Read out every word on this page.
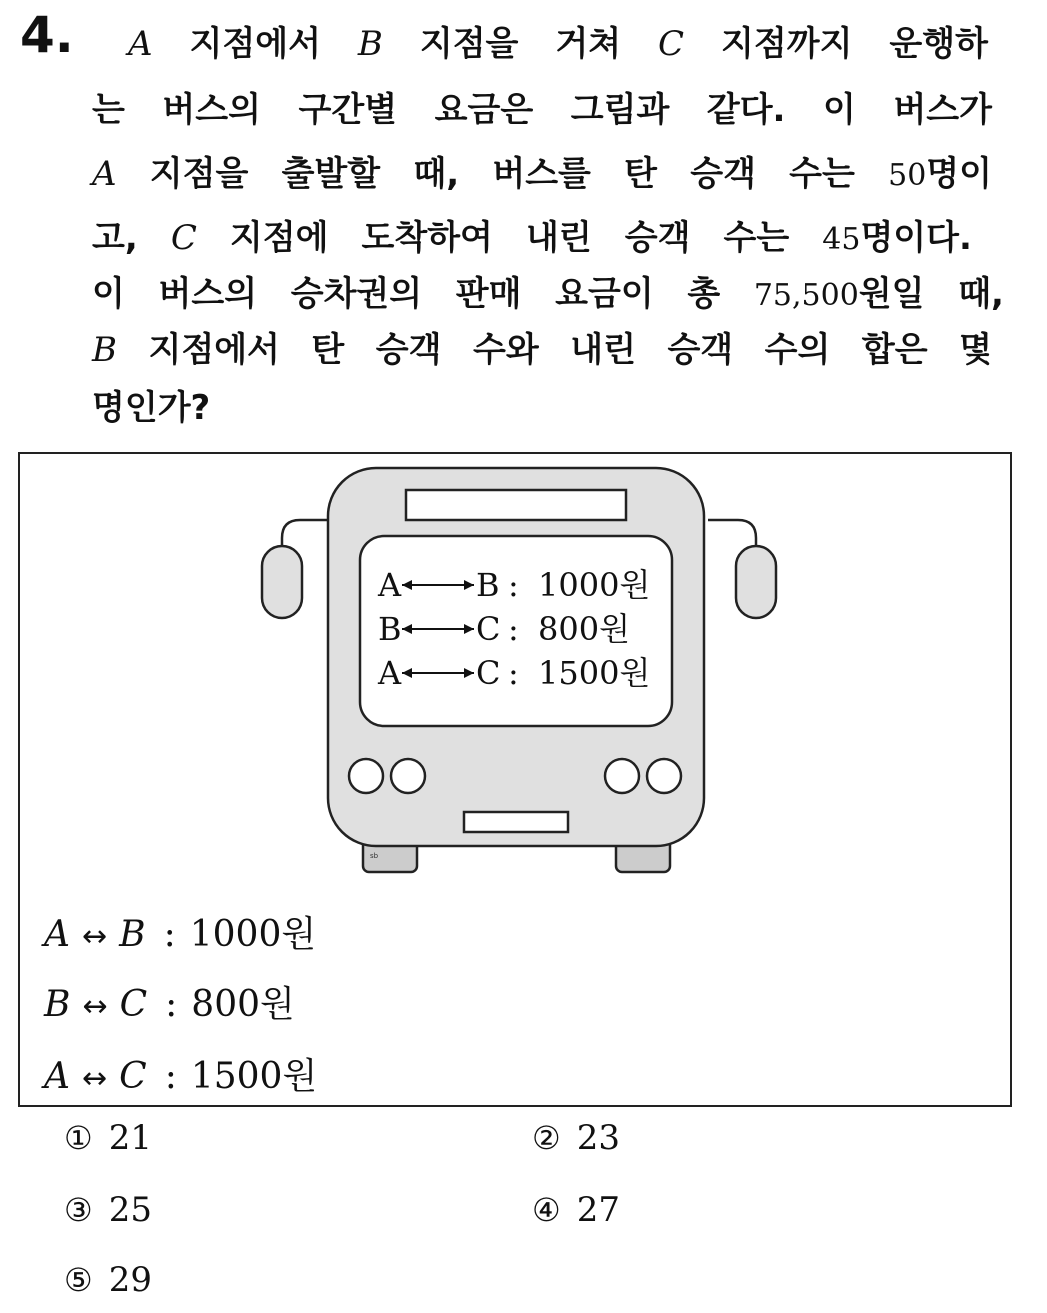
4. A 지점에서 B 지점을 거쳐 C 지점까지 운행하
는 버스의 구간별 요금은 그림과 같다. 이 버스가
A 지점을 출발할 때, 버스를 탄 승객 수는 50명이
고, C 지점에 도착하여 내린 승객 수는 45명이다.
이 버스의 승차권의 판매 요금이 총 75,500원일 때,
B 지점에서 탄 승객 수와 내린 승객 수의 합은 몇
명인가?
sb
A B : 1000원
B C : 800원
A C : 1500원
A ↔ B : 1000원
B ↔ C : 800원
A ↔ C : 1500원
① 21	② 23
③ 25	④ 27
⑤ 29
